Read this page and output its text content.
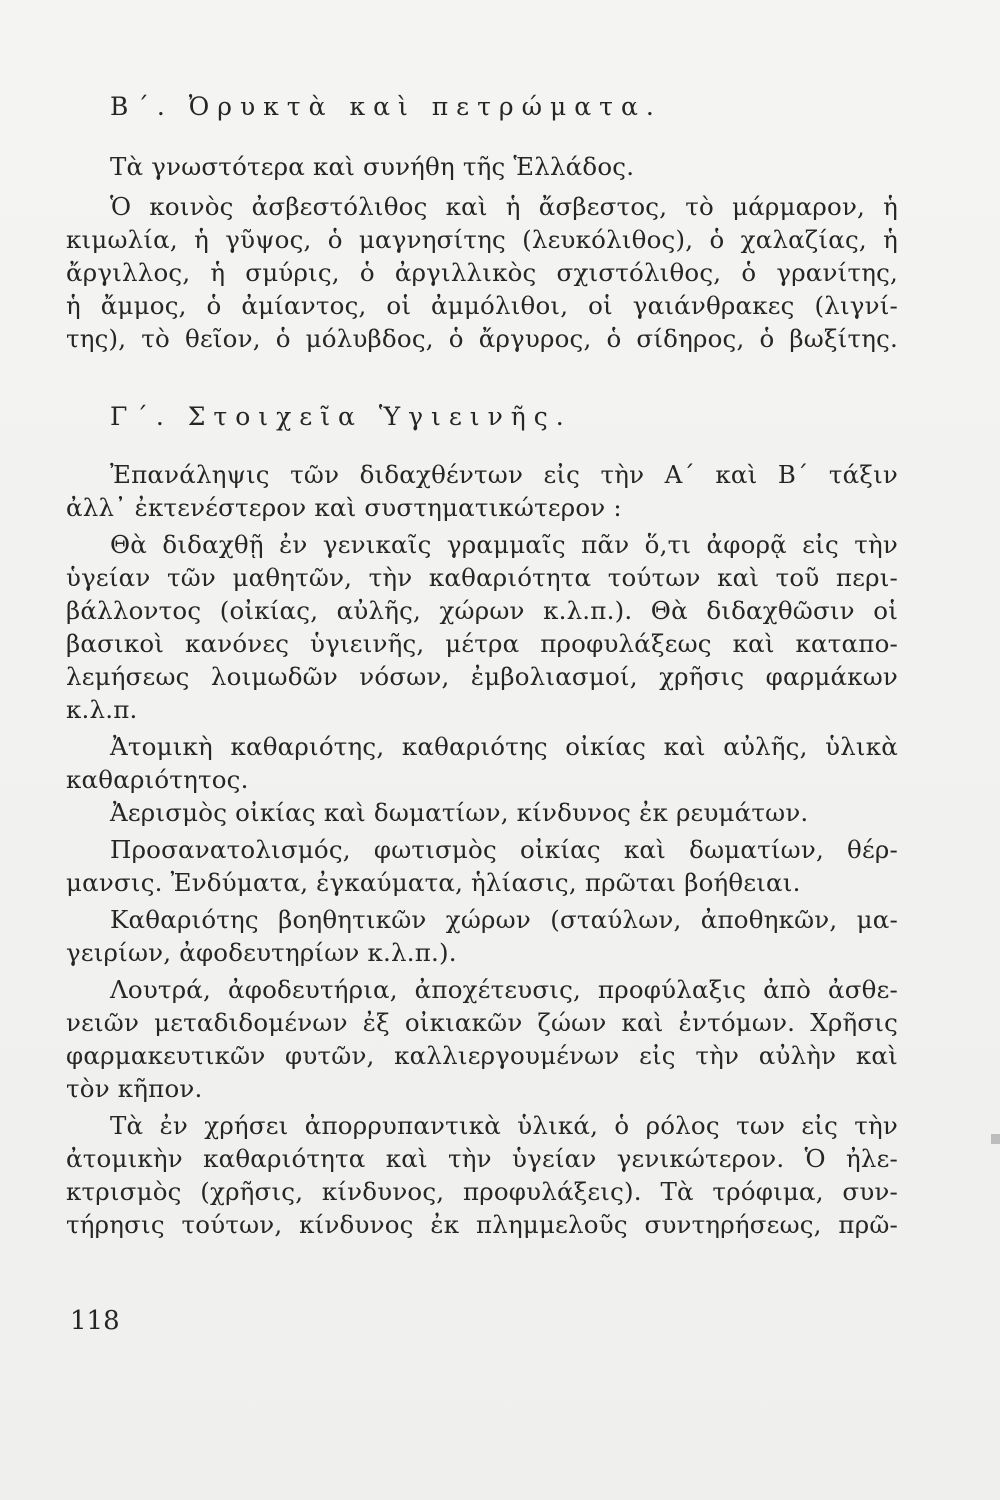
Β΄. Ὀρυκτὰ καὶ πετρώματα.
Τὰ γνωστότερα καὶ συνήθη τῆς Ἑλλάδος.
Ὁ κοινὸς ἀσβεστόλιθος καὶ ἡ ἄσβεστος, τὸ μάρμαρον, ἡ
κιμωλία, ἡ γῦψος, ὁ μαγνησίτης (λευκόλιθος), ὁ χαλαζίας, ἡ
ἄργιλλος, ἡ σμύρις, ὁ ἀργιλλικὸς σχιστόλιθος, ὁ γρανίτης,
ἡ ἄμμος, ὁ ἀμίαντος, οἱ ἀμμόλιθοι, οἱ γαιάνθρακες (λιγνί-
της), τὸ θεῖον, ὁ μόλυβδος, ὁ ἄργυρος, ὁ σίδηρος, ὁ βωξίτης.
Γ΄. Στοιχεῖα Ὑγιεινῆς.
Ἐπανάληψις τῶν διδαχθέντων εἰς τὴν Α΄ καὶ Β΄ τάξιν
ἀλλ᾽ ἐκτενέστερον καὶ συστηματικώτερον :
Θὰ διδαχθῇ ἐν γενικαῖς γραμμαῖς πᾶν ὅ,τι ἀφορᾷ εἰς τὴν
ὑγείαν τῶν μαθητῶν, τὴν καθαριότητα τούτων καὶ τοῦ περι-
βάλλοντος (οἰκίας, αὐλῆς, χώρων κ.λ.π.). Θὰ διδαχθῶσιν οἱ
βασικοὶ κανόνες ὑγιεινῆς, μέτρα προφυλάξεως καὶ καταπο-
λεμήσεως λοιμωδῶν νόσων, ἐμβολιασμοί, χρῆσις φαρμάκων
κ.λ.π.
Ἀτομικὴ καθαριότης, καθαριότης οἰκίας καὶ αὐλῆς, ὑλικὰ
καθαριότητος.
Ἀερισμὸς οἰκίας καὶ δωματίων, κίνδυνος ἐκ ρευμάτων.
Προσανατολισμός, φωτισμὸς οἰκίας καὶ δωματίων, θέρ-
μανσις. Ἐνδύματα, ἐγκαύματα, ἡλίασις, πρῶται βοήθειαι.
Καθαριότης βοηθητικῶν χώρων (σταύλων, ἀποθηκῶν, μα-
γειρίων, ἀφοδευτηρίων κ.λ.π.).
Λουτρά, ἀφοδευτήρια, ἀποχέτευσις, προφύλαξις ἀπὸ ἀσθε-
νειῶν μεταδιδομένων ἐξ οἰκιακῶν ζώων καὶ ἐντόμων. Χρῆσις
φαρμακευτικῶν φυτῶν, καλλιεργουμένων εἰς τὴν αὐλὴν καὶ
τὸν κῆπον.
Τὰ ἐν χρήσει ἀπορρυπαντικὰ ὑλικά, ὁ ρόλος των εἰς τὴν
ἀτομικὴν καθαριότητα καὶ τὴν ὑγείαν γενικώτερον. Ὁ ἠλε-
κτρισμὸς (χρῆσις, κίνδυνος, προφυλάξεις). Τὰ τρόφιμα, συν-
τήρησις τούτων, κίνδυνος ἐκ πλημμελοῦς συντηρήσεως, πρῶ-
118
